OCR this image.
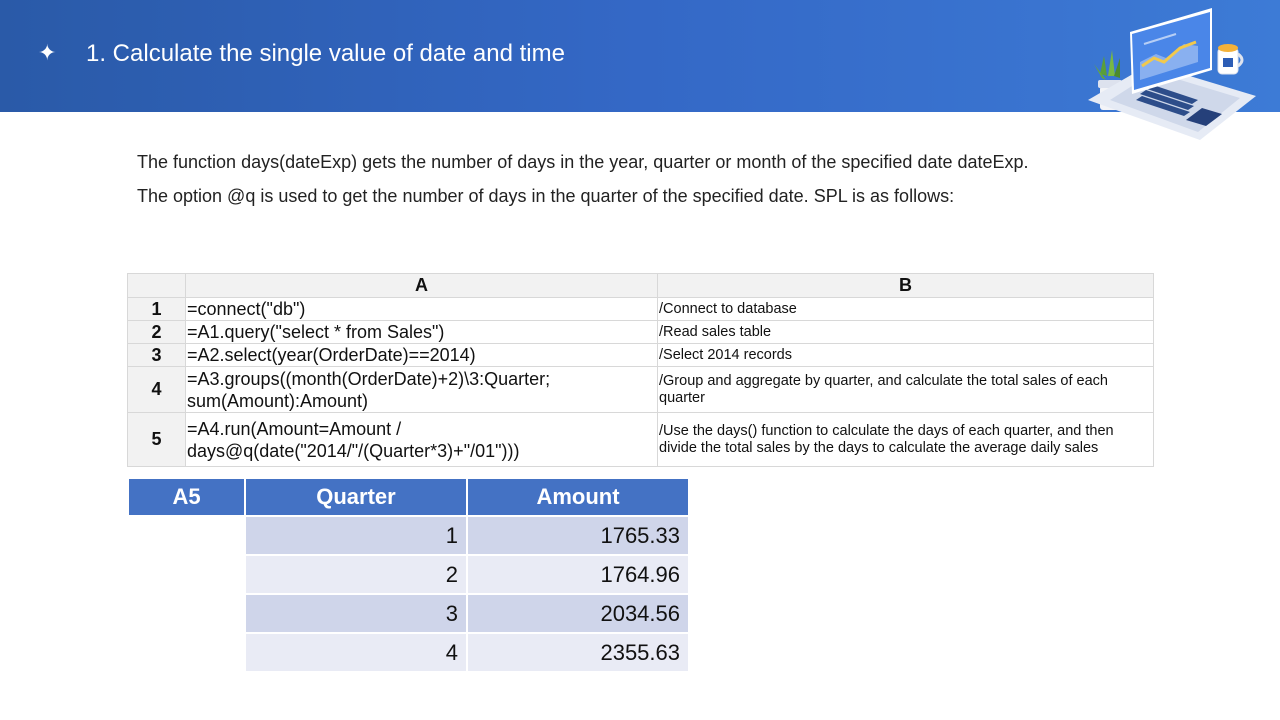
✦ 1. Calculate the single value of date and time

The function days(dateExp) gets the number of days in the year, quarter or month of the specified date dateExp.

The option @q is used to get the number of days in the quarter of the specified date. SPL is as follows:

	A	B
1	=connect("db")	/Connect to database
2	=A1.query("select * from Sales")	/Read sales table
3	=A2.select(year(OrderDate)==2014)	/Select 2014 records
4	=A3.groups((month(OrderDate)+2)\3:Quarter; sum(Amount):Amount)	/Group and aggregate by quarter, and calculate the total sales of each quarter
5	=A4.run(Amount=Amount / days@q(date("2014/"/(Quarter*3)+"/01")))	/Use the days() function to calculate the days of each quarter, and then divide the total sales by the days to calculate the average daily sales
A5	Quarter	Amount
	1	1765.33
	2	1764.96
	3	2034.56
	4	2355.63
